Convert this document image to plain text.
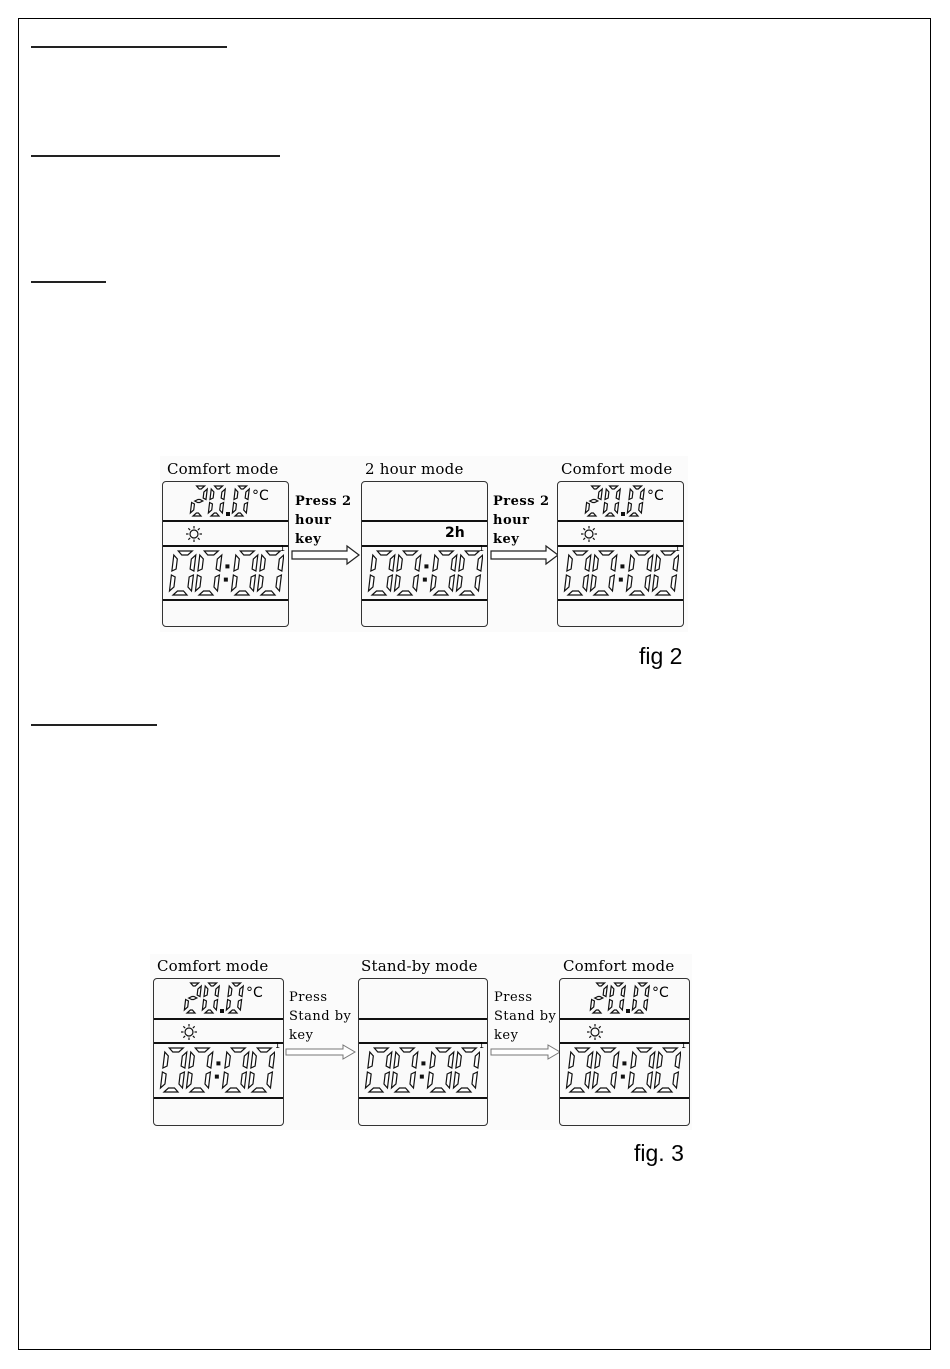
Comfort mode
°C
1
Press 2
hour
key
2 hour mode
2h
1
Press 2
hour
key
Comfort mode
°C
1
fig 2
Comfort mode
°C
1
Press
Stand by
key
Stand-by mode
1
Press
Stand by
key
Comfort mode
°C
1
fig. 3
